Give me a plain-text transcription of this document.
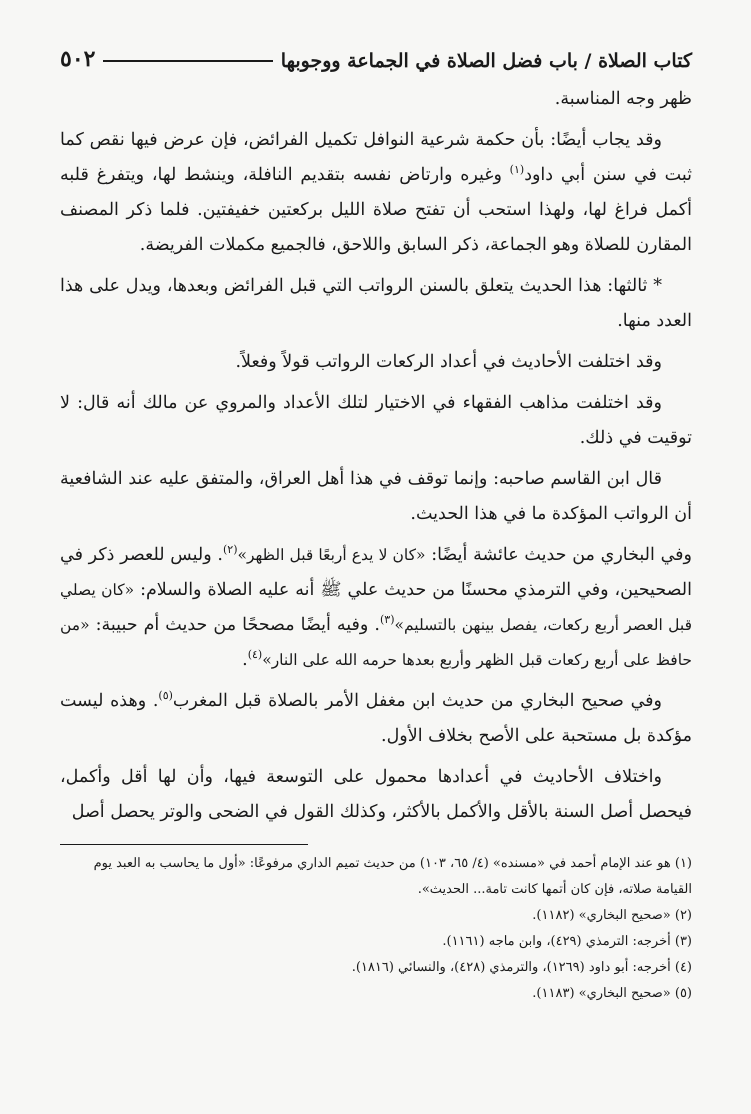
كتاب الصلاة / باب فضل الصلاة في الجماعة ووجوبها
٥٠٢

ظهر وجه المناسبة.

وقد يجاب أيضًا: بأن حكمة شرعية النوافل تكميل الفرائض، فإن عرض فيها نقص كما ثبت في سنن أبي داود$^{(١)}$ وغيره وارتاض نفسه بتقديم النافلة، وينشط لها، ويتفرغ قلبه أكمل فراغ لها، ولهذا استحب أن تفتح صلاة الليل بركعتين خفيفتين. فلما ذكر المصنف المقارن للصلاة وهو الجماعة، ذكر السابق واللاحق، فالجميع مكملات الفريضة.

* ثالثها: هذا الحديث يتعلق بالسنن الرواتب التي قبل الفرائض وبعدها، ويدل على هذا العدد منها.

وقد اختلفت الأحاديث في أعداد الركعات الرواتب قولاً وفعلاً.

وقد اختلفت مذاهب الفقهاء في الاختيار لتلك الأعداد والمروي عن مالك أنه قال: لا توقيت في ذلك.

قال ابن القاسم صاحبه: وإنما توقف في هذا أهل العراق، والمتفق عليه عند الشافعية أن الرواتب المؤكدة ما في هذا الحديث.

وفي البخاري من حديث عائشة أيضًا: «كان لا يدع أربعًا قبل الظهر»$^{(٢)}$. وليس للعصر ذكر في الصحيحين، وفي الترمذي محسنًا من حديث علي ﷺ أنه عليه الصلاة والسلام: «كان يصلي قبل العصر أربع ركعات، يفصل بينهن بالتسليم»$^{(٣)}$. وفيه أيضًا مصححًا من حديث أم حبيبة: «من حافظ على أربع ركعات قبل الظهر وأربع بعدها حرمه الله على النار»$^{(٤)}$.

وفي صحيح البخاري من حديث ابن مغفل الأمر بالصلاة قبل المغرب$^{(٥)}$. وهذه ليست مؤكدة بل مستحبة على الأصح بخلاف الأول.

واختلاف الأحاديث في أعدادها محمول على التوسعة فيها، وأن لها أقل وأكمل، فيحصل أصل السنة بالأقل والأكمل بالأكثر، وكذلك القول في الضحى والوتر يحصل أصل

(١) هو عند الإمام أحمد في «مسنده» (٤/ ٦٥، ١٠٣) من حديث تميم الداري مرفوعًا: «أول ما يحاسب به العبد يوم القيامة صلاته، فإن كان أتمها كانت تامة... الحديث».
(٢) «صحيح البخاري» (١١٨٢).
(٣) أخرجه: الترمذي (٤٢٩)، وابن ماجه (١١٦١).
(٤) أخرجه: أبو داود (١٢٦٩)، والترمذي (٤٢٨)، والنسائي (١٨١٦).
(٥) «صحيح البخاري» (١١٨٣).
